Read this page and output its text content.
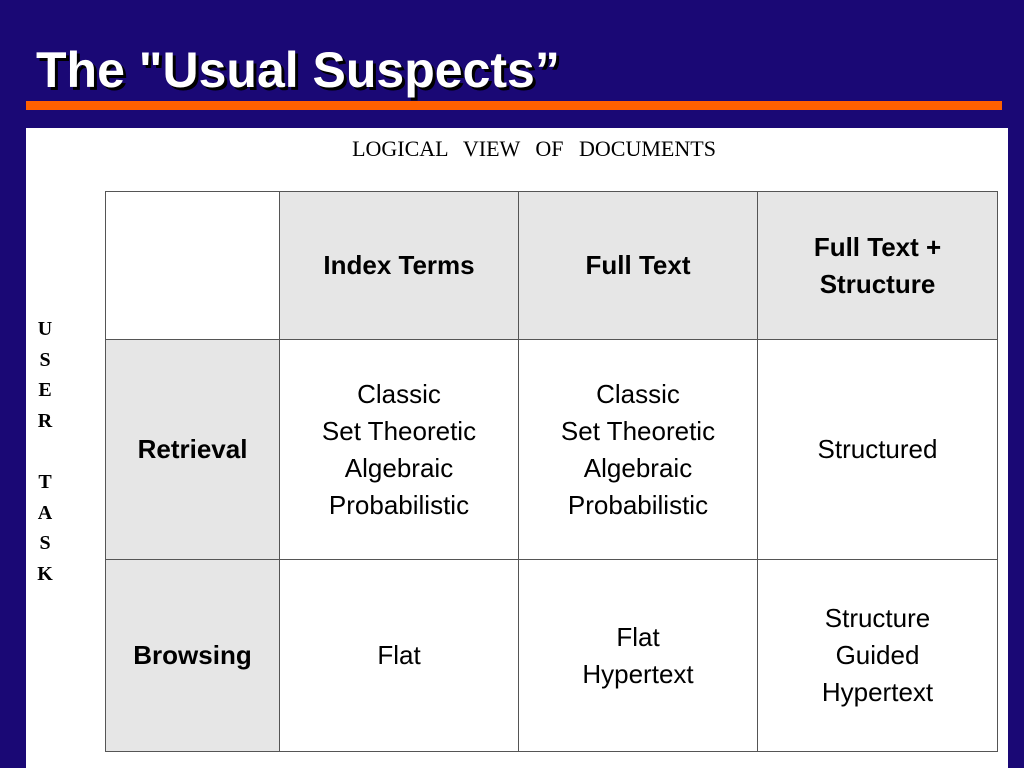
The "Usual Suspects”
LOGICAL VIEW OF DOCUMENTS
U
S
E
R
T
A
S
K
	Index Terms	Full Text	Full Text +
Structure
Retrieval	Classic
Set Theoretic
Algebraic
Probabilistic	Classic
Set Theoretic
Algebraic
Probabilistic	Structured
Browsing	Flat	Flat
Hypertext	Structure
Guided
Hypertext
